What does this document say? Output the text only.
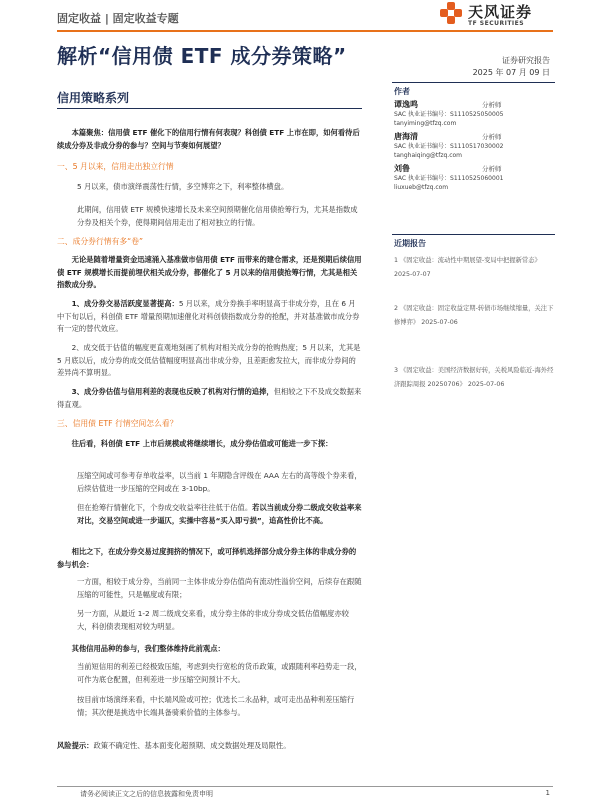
固定收益 | 固定收益专题	天风证券
TF SECURITIES
解析“信用债 ETF 成分券策略”	证券研究报告
2025 年 07 月 09 日
信用策略系列	作者
谭逸鸣	分析师
SAC 执业证书编号：S1110525050005
tanyiming@tfzq.com
唐海清	分析师
SAC 执业证书编号：S1110517030002
tanghaiqing@tfzq.com
刘鲁	分析师
SAC 执业证书编号：S1110525060001
liuxueb@tfzq.com
近期报告
1 《固定收益：流动性中期展望-变局中把握新常态》 2025-07-07
2 《固定收益：固定收益定期-转债市场继续缩量，关注下修博弈》 2025-07-06
3 《固定收益：美国经济数据好转，关税风险临近-海外经济跟踪周报 20250706》 2025-07-06

本篇聚焦：信用债 ETF 催化下的信用行情有何表现？科创债 ETF 上市在即，如何看待后续成分券及非成分券的参与？空间与节奏如何展望？

一、5 月以来，信用走出独立行情

5 月以来，债市演绎震荡性行情，多空博弈之下，利率整体横盘。

此期间，信用债 ETF 规模快速增长及未来空间预期催化信用债抢筹行为，尤其是指数成分券及相关个券，使得期间信用走出了相对独立的行情。

二、成分券行情有多“卷”

无论是随着增量资金迅速涌入基准做市信用债 ETF 而带来的建仓需求，还是预期后续信用债 ETF 规模增长而提前埋伏相关成分券，都催化了 5 月以来的信用债抢筹行情，尤其是相关指数成分券。

1、成分券交易活跃度显著提高：5 月以来，成分券换手率明显高于非成分券，且在 6 月中下旬以后，科创债 ETF 增量预期加速催化对科创债指数成分券的抢配，并对基准做市成分券有一定的替代效应。

2、成交低于估值的幅度更直观地刻画了机构对相关成分券的抢购热度；5 月以来，尤其是 5 月底以后，成分券的成交低估值幅度明显高出非成分券，且差距愈发拉大，而非成分券间的差异尚不算明显。

3、成分券估值与信用利差的表现也反映了机构对行情的追捧，但相较之下不及成交数据来得直观。

三、信用债 ETF 行情空间怎么看？

往后看，科创债 ETF 上市后规模或将继续增长，成分券估值或可能进一步下探：

压缩空间或可参考存单收益率，以当前 1 年期隐含评级在 AAA 左右的高等级个券来看，后续估值进一步压缩的空间或在 3-10bp。

但在抢筹行情催化下，个券成交收益率往往低于估值。若以当前成分券二级成交收益率来对比，交易空间或进一步逼仄，实操中容易“买入即亏损”，追高性价比不高。

相比之下，在成分券交易过度拥挤的情况下，或可择机选择部分成分券主体的非成分券的参与机会：

一方面，相较于成分券，当前同一主体非成分券估值尚有流动性溢价空间，后续存在跟随压缩的可能性，只是幅度或有限；

另一方面，从最近 1-2 周二级成交来看，成分券主体的非成分券成交低估值幅度亦较大，科创债表现相对较为明显。

其他信用品种的参与，我们整体维持此前观点：

当前短信用的利差已经极致压缩，考虑到央行宽松的货币政策，或跟随利率趋势走一段，可作为底仓配置，但利差进一步压缩空间预计不大。

按目前市场演绎来看，中长端风险或可控；优选长二永品种，或可走出品种利差压缩行情；其次便是挑选中长端具备骑乘价值的主体参与。

风险提示：政策不确定性、基本面变化超预期、成交数据处理及局限性。

请务必阅读正文之后的信息披露和免责申明	1
